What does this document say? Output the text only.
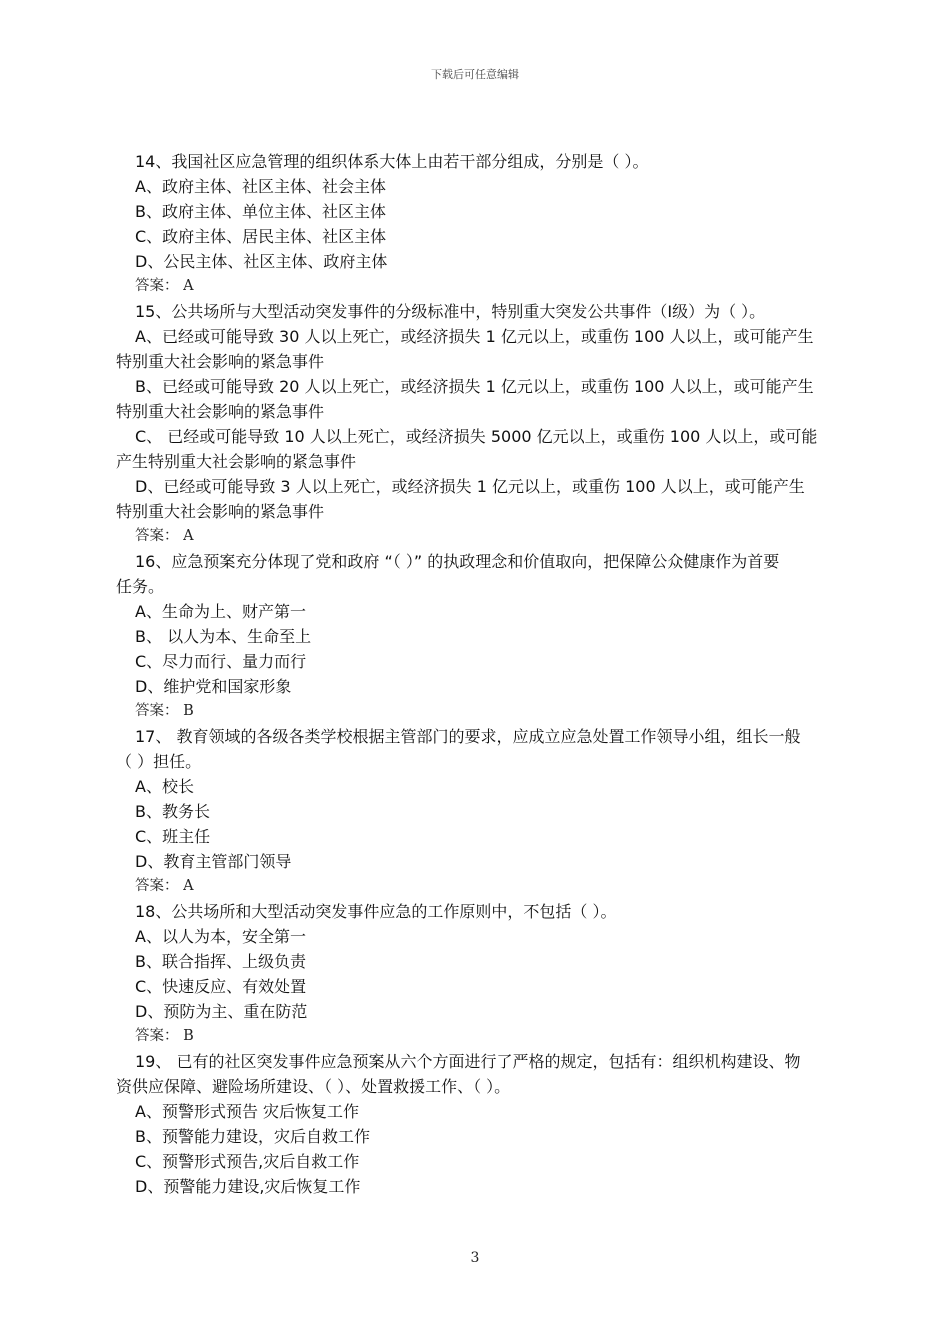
下载后可任意编辑
14、我国社区应急管理的组织体系大体上由若干部分组成，分别是（ ）。
A、政府主体、社区主体、社会主体
B、政府主体、单位主体、社区主体
C、政府主体、居民主体、社区主体
D、公民主体、社区主体、政府主体
答案： A
15、公共场所与大型活动突发事件的分级标准中，特别重大突发公共事件（I级）为（ ）。
A、已经或可能导致 30 人以上死亡，或经济损失 1 亿元以上，或重伤 100 人以上，或可能产生
特别重大社会影响的紧急事件
B、已经或可能导致 20 人以上死亡，或经济损失 1 亿元以上，或重伤 100 人以上，或可能产生
特别重大社会影响的紧急事件
C、 已经或可能导致 10 人以上死亡，或经济损失 5000 亿元以上，或重伤 100 人以上，或可能
产生特别重大社会影响的紧急事件
D、已经或可能导致 3 人以上死亡，或经济损失 1 亿元以上，或重伤 100 人以上，或可能产生
特别重大社会影响的紧急事件
答案： A
16、应急预案充分体现了党和政府 “（ ）” 的执政理念和价值取向，把保障公众健康作为首要
任务。
A、生命为上、财产第一
B、 以人为本、生命至上
C、尽力而行、量力而行
D、维护党和国家形象
答案： B
17、 教育领域的各级各类学校根据主管部门的要求，应成立应急处置工作领导小组，组长一般
（ ）担任。
A、校长
B、教务长
C、班主任
D、教育主管部门领导
答案： A
18、公共场所和大型活动突发事件应急的工作原则中，不包括（ ）。
A、以人为本，安全第一
B、联合指挥、上级负责
C、快速反应、有效处置
D、预防为主、重在防范
答案： B
19、 已有的社区突发事件应急预案从六个方面进行了严格的规定，包括有：组织机构建设、物
资供应保障、避险场所建设、（ ）、处置救援工作、（ ）。
A、预警形式预告 灾后恢复工作
B、预警能力建设，灾后自救工作
C、预警形式预告,灾后自救工作
D、预警能力建设,灾后恢复工作
3
